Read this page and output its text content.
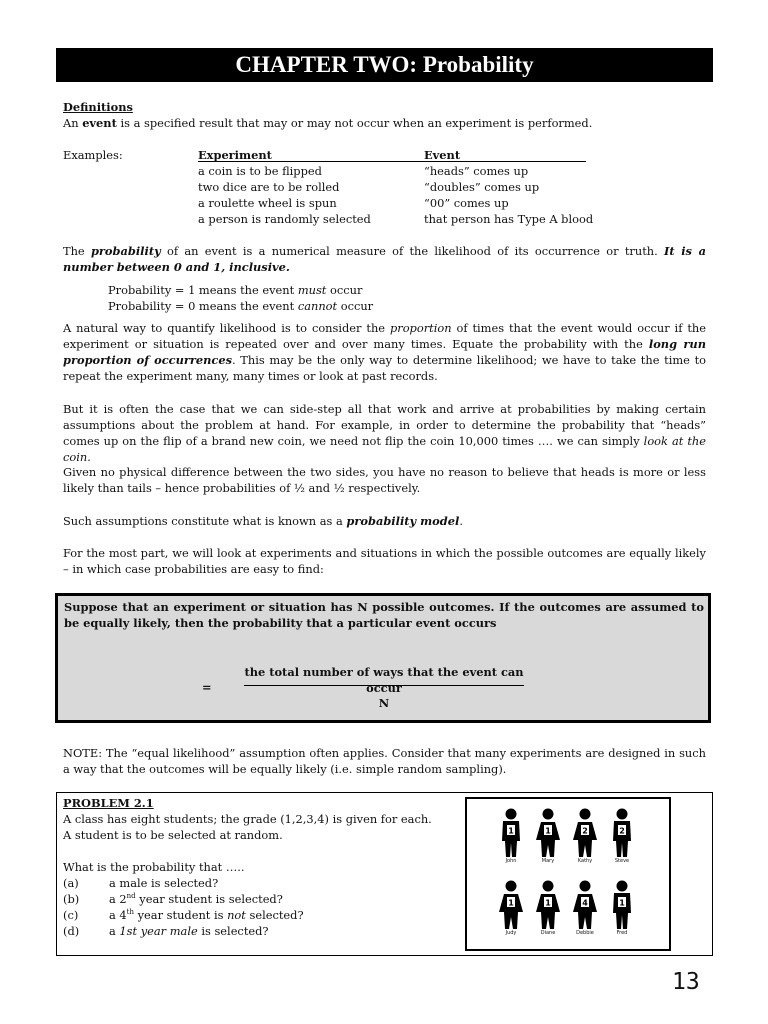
CHAPTER TWO: Probability
Definitions
An event is a specified result that may or may not occur when an experiment is performed.
Examples:	Experiment	Event
a coin is to be flipped	“heads” comes up
two dice are to be rolled	“doubles” comes up
a roulette wheel is spun	“00” comes up
a person is randomly selected	that person has Type A blood
The probability of an event is a numerical measure of the likelihood of its occurrence or truth. It is a number between 0 and 1, inclusive.
Probability = 1 means the event must occur
Probability = 0 means the event cannot occur
A natural way to quantify likelihood is to consider the proportion of times that the event would occur if the experiment or situation is repeated over and over many times. Equate the probability with the long run proportion of occurrences. This may be the only way to determine likelihood; we have to take the time to repeat the experiment many, many times or look at past records.
But it is often the case that we can side-step all that work and arrive at probabilities by making certain assumptions about the problem at hand. For example, in order to determine the probability that “heads” comes up on the flip of a brand new coin, we need not flip the coin 10,000 times …. we can simply look at the coin.
Given no physical difference between the two sides, you have no reason to believe that heads is more or less likely than tails – hence probabilities of ½ and ½ respectively.
Such assumptions constitute what is known as a probability model.
For the most part, we will look at experiments and situations in which the possible outcomes are equally likely – in which case probabilities are easy to find:
Suppose that an experiment or situation has N possible outcomes. If the outcomes are assumed to be equally likely, then the probability that a particular event occurs
=
the total number of ways that the event can occur
N
NOTE: The “equal likelihood” assumption often applies. Consider that many experiments are designed in such a way that the outcomes will be equally likely (i.e. simple random sampling).
PROBLEM 2.1
A class has eight students; the grade (1,2,3,4) is given for each.
A student is to be selected at random.
What is the probability that …..
(a)	a male is selected?
(b)	a 2nd year student is selected?
(c)	a 4th year student is not selected?
(d)	a 1st year male is selected?
1
John
1
Mary
2
Kathy
2
Steve
1
Judy
1
Diane
4
Debbie
1
Fred
13
